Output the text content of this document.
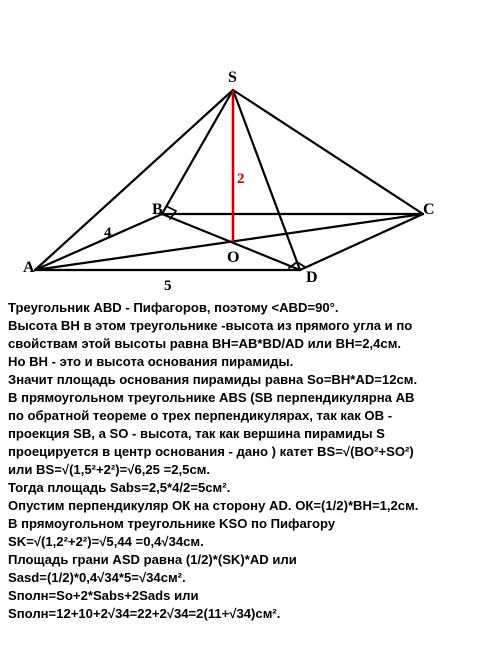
S
B	C
A
O
D
4
5
2
Треугольник ABD - Пифагоров, поэтому <ABD=90°.
Высота BH в этом треугольнике -высота из прямого угла и по
свойствам этой высоты равна BH=AB*BD/AD или BH=2,4см.
Но BH - это и высота основания пирамиды.
Значит площадь основания пирамиды равна So=BH*AD=12см.
В прямоугольном треугольнике ABS (SB перпендикулярна AB
по обратной теореме о трех перпендикулярах, так как OB -
проекция SB, а SO - высота, так как вершина пирамиды S
проецируется в центр основания - дано ) катет BS=√(BO²+SO²)
или BS=√(1,5²+2²)=√6,25 =2,5см.
Тогда площадь Sabs=2,5*4/2=5см².
Опустим перпендикуляр ОК на сторону AD. ОК=(1/2)*BH=1,2см.
В прямоугольном треугольнике KSO по Пифагору
SK=√(1,2²+2²)=√5,44 =0,4√34см.
Площадь грани ASD равна (1/2)*(SK)*AD или
Sasd=(1/2)*0,4√34*5=√34см².
Sполн=So+2*Sabs+2Sads или
Sполн=12+10+2√34=22+2√34=2(11+√34)см².
